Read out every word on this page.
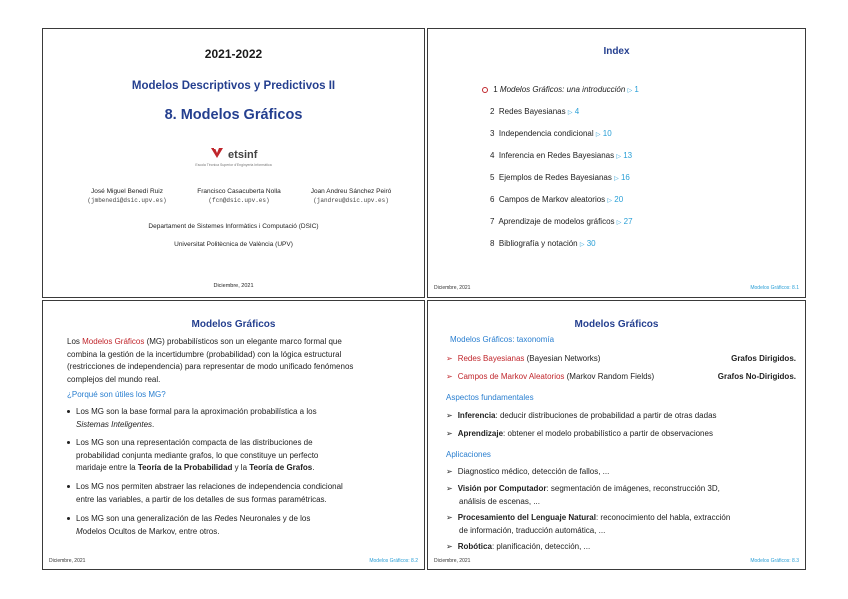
2021-2022
Modelos Descriptivos y Predictivos II
8. Modelos Gráficos
etsinf
Escola Tècnica Superior d'Enginyeria Informàtica
José Miguel Benedí Ruiz
(jmbenedi@dsic.upv.es)
Francisco Casacuberta Nolla
(fcn@dsic.upv.es)
Joan Andreu Sánchez Peiró
(jandreu@dsic.upv.es)
Departament de Sistemes Informàtics i Computació (DSIC)
Universitat Politècnica de València (UPV)
Diciembre, 2021
Index
1 Modelos Gráficos: una introducción ▷ 1
2 Redes Bayesianas ▷ 4
3 Independencia condicional ▷ 10
4 Inferencia en Redes Bayesianas ▷ 13
5 Ejemplos de Redes Bayesianas ▷ 16
6 Campos de Markov aleatorios ▷ 20
7 Aprendizaje de modelos gráficos ▷ 27
8 Bibliografía y notación ▷ 30
Diciembre, 2021	Modelos Gráficos: 8.1
Modelos Gráficos
Los Modelos Gráficos (MG) probabilísticos son un elegante marco formal que
combina la gestión de la incertidumbre (probabilidad) con la lógica estructural
(restricciones de independencia) para representar de modo unificado fenómenos
complejos del mundo real.
¿Porqué son útiles los MG?
Los MG son la base formal para la aproximación probabilística a los
Sistemas Inteligentes.
Los MG son una representación compacta de las distribuciones de
probabilidad conjunta mediante grafos, lo que constituye un perfecto
maridaje entre la Teoría de la Probabilidad y la Teoría de Grafos.
Los MG nos permiten abstraer las relaciones de independencia condicional
entre las variables, a partir de los detalles de sus formas paramétricas.
Los MG son una generalización de las Redes Neuronales y de los
Modelos Ocultos de Markov, entre otros.
Diciembre, 2021	Modelos Gráficos: 8.2
Modelos Gráficos
Modelos Gráficos: taxonomía
➢ Redes Bayesianas (Bayesian Networks)	Grafos Dirigidos.
➢ Campos de Markov Aleatorios (Markov Random Fields)	Grafos No-Dirigidos.
Aspectos fundamentales
➢ Inferencia: deducir distribuciones de probabilidad a partir de otras dadas
➢ Aprendizaje: obtener el modelo probabilístico a partir de observaciones
Aplicaciones
➢ Diagnostico médico, detección de fallos, ...
➢ Visión por Computador: segmentación de imágenes, reconstrucción 3D,
análisis de escenas, ...
➢ Procesamiento del Lenguaje Natural: reconocimiento del habla, extracción
de información, traducción automática, ...
➢ Robótica: planificación, detección, ...
Diciembre, 2021	Modelos Gráficos: 8.3
